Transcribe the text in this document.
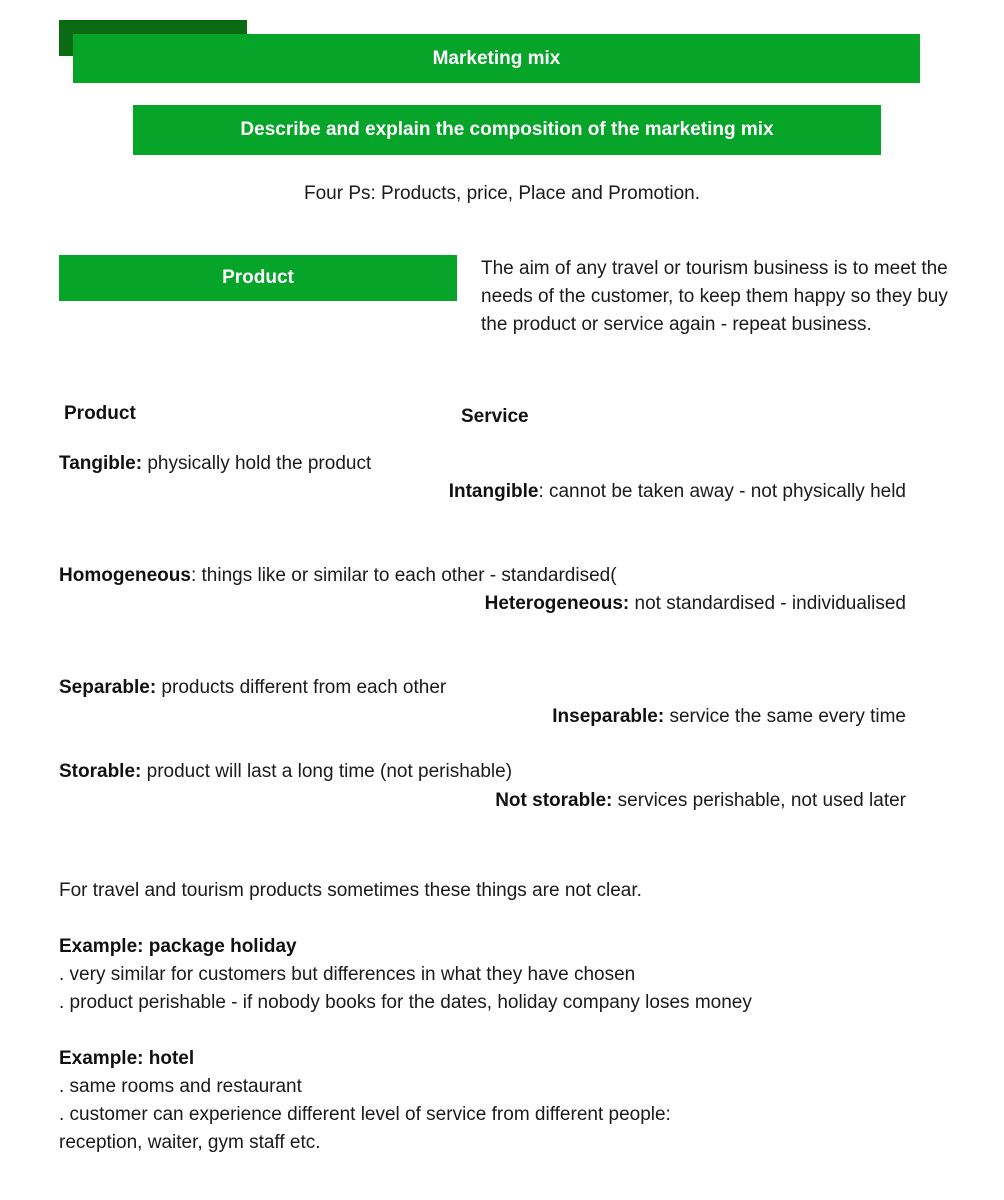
Marketing mix
Describe and explain the composition of the marketing mix
Four Ps: Products, price, Place and Promotion.
Product	The aim of any travel or tourism business is to meet the needs of the customer, to keep them happy so they buy the product or service again - repeat business.
Product	Service
Tangible: physically hold the product
Intangible: cannot be taken away - not physically held
Homogeneous: things like or similar to each other - standardised(
Heterogeneous: not standardised - individualised
Separable: products different from each other
Inseparable: service the same every time
Storable: product will last a long time (not perishable)
Not storable: services perishable, not used later
For travel and tourism products sometimes these things are not clear.
Example: package holiday
. very similar for customers but differences in what they have chosen
. product perishable - if nobody books for the dates, holiday company loses money
Example: hotel
. same rooms and restaurant
. customer can experience different level of service from different people:
reception, waiter, gym staff etc.
